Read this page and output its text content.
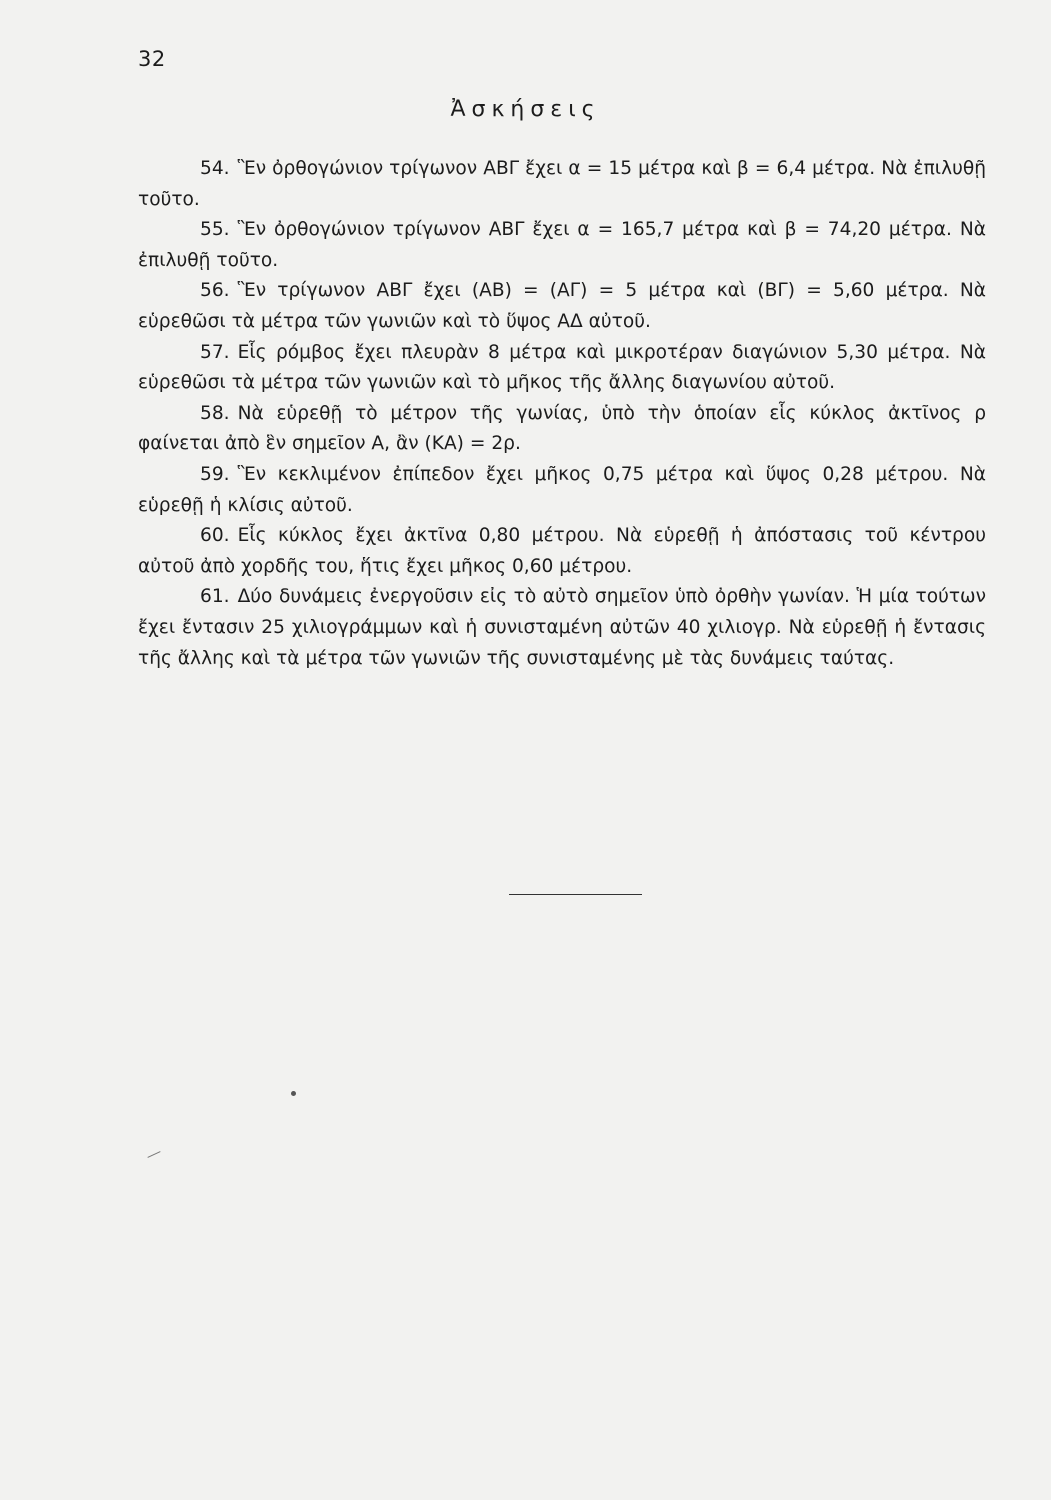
32
Ἀσκήσεις

54. Ἓν ὀρθογώνιον τρίγωνον ΑΒΓ ἔχει α = 15 μέτρα καὶ β = 6,4 μέτρα. Νὰ ἐπιλυθῇ τοῦτο.

55. Ἓν ὀρθογώνιον τρίγωνον ΑΒΓ ἔχει α = 165,7 μέτρα καὶ β = 74,20 μέτρα. Νὰ ἐπιλυθῇ τοῦτο.

56. Ἓν τρίγωνον ΑΒΓ ἔχει (ΑΒ) = (ΑΓ) = 5 μέτρα καὶ (ΒΓ) = 5,60 μέτρα. Νὰ εὑρεθῶσι τὰ μέτρα τῶν γωνιῶν καὶ τὸ ὕψος ΑΔ αὐτοῦ.

57. Εἷς ρόμβος ἔχει πλευρὰν 8 μέτρα καὶ μικροτέραν διαγώνιον 5,30 μέτρα. Νὰ εὑρεθῶσι τὰ μέτρα τῶν γωνιῶν καὶ τὸ μῆκος τῆς ἄλλης διαγωνίου αὐτοῦ.

58. Νὰ εὑρεθῇ τὸ μέτρον τῆς γωνίας, ὑπὸ τὴν ὁποίαν εἷς κύκλος ἀκτῖνος ρ φαίνεται ἀπὸ ἓν σημεῖον Α, ἂν (ΚΑ) = 2ρ.

59. Ἓν κεκλιμένον ἐπίπεδον ἔχει μῆκος 0,75 μέτρα καὶ ὕψος 0,28 μέτρου. Νὰ εὑρεθῇ ἡ κλίσις αὐτοῦ.

60. Εἷς κύκλος ἔχει ἀκτῖνα 0,80 μέτρου. Νὰ εὑρεθῇ ἡ ἀπόστασις τοῦ κέντρου αὐτοῦ ἀπὸ χορδῆς του, ἥτις ἔχει μῆκος 0,60 μέτρου.

61. Δύο δυνάμεις ἐνεργοῦσιν εἰς τὸ αὐτὸ σημεῖον ὑπὸ ὀρθὴν γωνίαν. Ἡ μία τούτων ἔχει ἔντασιν 25 χιλιογράμμων καὶ ἡ συνισταμένη αὐτῶν 40 χιλιογρ. Νὰ εὑρεθῇ ἡ ἔντασις τῆς ἄλλης καὶ τὰ μέτρα τῶν γωνιῶν τῆς συνισταμένης μὲ τὰς δυνάμεις ταύτας.
